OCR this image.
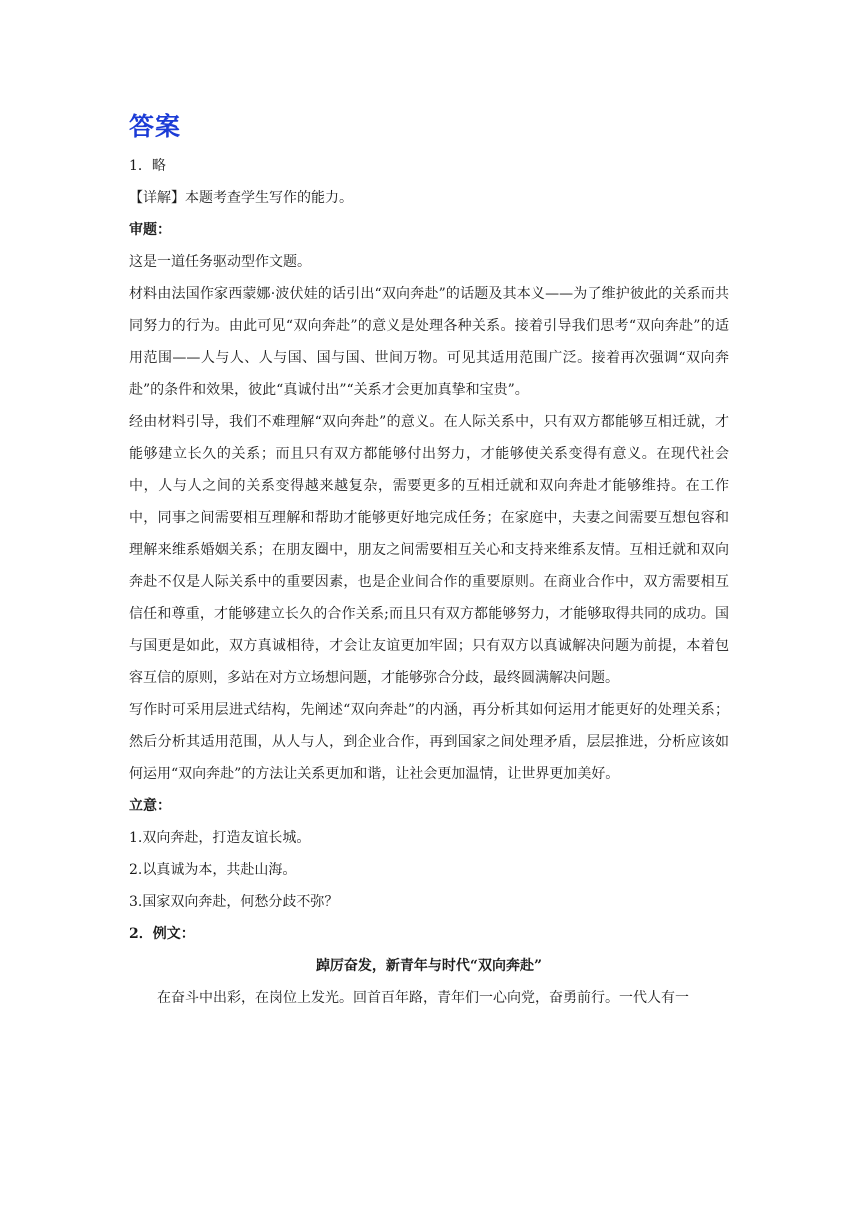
答案

1．略

【详解】本题考查学生写作的能力。

审题：

这是一道任务驱动型作文题。

材料由法国作家西蒙娜·波伏娃的话引出“双向奔赴”的话题及其本义——为了维护彼此的关系而共同努力的行为。由此可见“双向奔赴”的意义是处理各种关系。接着引导我们思考“双向奔赴”的适用范围——人与人、人与国、国与国、世间万物。可见其适用范围广泛。接着再次强调“双向奔赴”的条件和效果，彼此“真诚付出”“关系才会更加真挚和宝贵”。

经由材料引导，我们不难理解“双向奔赴”的意义。在人际关系中，只有双方都能够互相迁就，才能够建立长久的关系；而且只有双方都能够付出努力，才能够使关系变得有意义。在现代社会中，人与人之间的关系变得越来越复杂，需要更多的互相迁就和双向奔赴才能够维持。在工作中，同事之间需要相互理解和帮助才能够更好地完成任务；在家庭中，夫妻之间需要互想包容和理解来维系婚姻关系；在朋友圈中，朋友之间需要相互关心和支持来维系友情。互相迁就和双向奔赴不仅是人际关系中的重要因素，也是企业间合作的重要原则。在商业合作中，双方需要相互信任和尊重，才能够建立长久的合作关系;而且只有双方都能够努力，才能够取得共同的成功。国与国更是如此，双方真诚相待，才会让友谊更加牢固；只有双方以真诚解决问题为前提，本着包容互信的原则，多站在对方立场想问题，才能够弥合分歧，最终圆满解决问题。

写作时可采用层进式结构，先阐述“双向奔赴”的内涵，再分析其如何运用才能更好的处理关系；然后分析其适用范围，从人与人，到企业合作，再到国家之间处理矛盾，层层推进，分析应该如何运用“双向奔赴”的方法让关系更加和谐，让社会更加温情，让世界更加美好。

立意：

1.双向奔赴，打造友谊长城。

2.以真诚为本，共赴山海。

3.国家双向奔赴，何愁分歧不弥？

2．例文：

踔厉奋发，新青年与时代“双向奔赴”

在奋斗中出彩，在岗位上发光。回首百年路，青年们一心向党，奋勇前行。一代人有一
